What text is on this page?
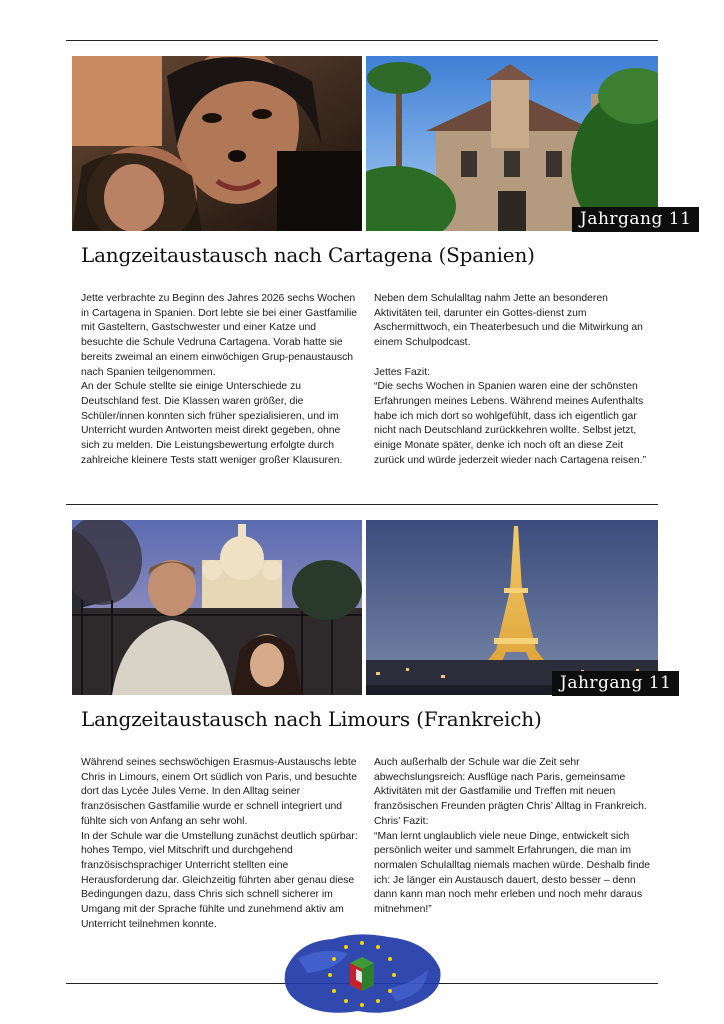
Jahrgang 11
Langzeitaustausch nach Cartagena (Spanien)

Jette verbrachte zu Beginn des Jahres 2026 sechs Wochen in Cartagena in Spanien. Dort lebte sie bei einer Gastfamilie mit Gasteltern, Gastschwester und einer Katze und besuchte die Schule Vedruna Cartagena. Vorab hatte sie bereits zweimal an einem einwöchigen Grup-penaustausch nach Spanien teilgenommen.

An der Schule stellte sie einige Unterschiede zu Deutschland fest. Die Klassen waren größer, die Schüler/innen konnten sich früher spezialisieren, und im Unterricht wurden Antworten meist direkt gegeben, ohne sich zu melden. Die Leistungsbewertung erfolgte durch zahlreiche kleinere Tests statt weniger großer Klausuren.

Neben dem Schulalltag nahm Jette an besonderen Aktivitäten teil, darunter ein Gottes-dienst zum Aschermittwoch, ein Theaterbesuch und die Mitwirkung an einem Schulpodcast.

Jettes Fazit:

“Die sechs Wochen in Spanien waren eine der schönsten Erfahrungen meines Lebens. Während meines Aufenthalts habe ich mich dort so wohlgefühlt, dass ich eigentlich gar nicht nach Deutschland zurückkehren wollte. Selbst jetzt, einige Monate später, denke ich noch oft an diese Zeit zurück und würde jederzeit wieder nach Cartagena reisen.”

Jahrgang 11
Langzeitaustausch nach Limours (Frankreich)

Während seines sechswöchigen Erasmus-Austauschs lebte Chris in Limours, einem Ort südlich von Paris, und besuchte dort das Lycée Jules Verne. In den Alltag seiner französischen Gastfamilie wurde er schnell integriert und fühlte sich von Anfang an sehr wohl.

In der Schule war die Umstellung zunächst deutlich spürbar: hohes Tempo, viel Mitschrift und durchgehend französischsprachiger Unterricht stellten eine Herausforderung dar. Gleichzeitig führten aber genau diese Bedingungen dazu, dass Chris sich schnell sicherer im Umgang mit der Sprache fühlte und zunehmend aktiv am Unterricht teilnehmen konnte.

Auch außerhalb der Schule war die Zeit sehr abwechslungsreich: Ausflüge nach Paris, gemeinsame Aktivitäten mit der Gastfamilie und Treffen mit neuen französischen Freunden prägten Chris’ Alltag in Frankreich.

Chris’ Fazit:

“Man lernt unglaublich viele neue Dinge, entwickelt sich persönlich weiter und sammelt Erfahrungen, die man im normalen Schulalltag niemals machen würde. Deshalb finde ich: Je länger ein Austausch dauert, desto besser – denn dann kann man noch mehr erleben und noch mehr daraus mitnehmen!”
